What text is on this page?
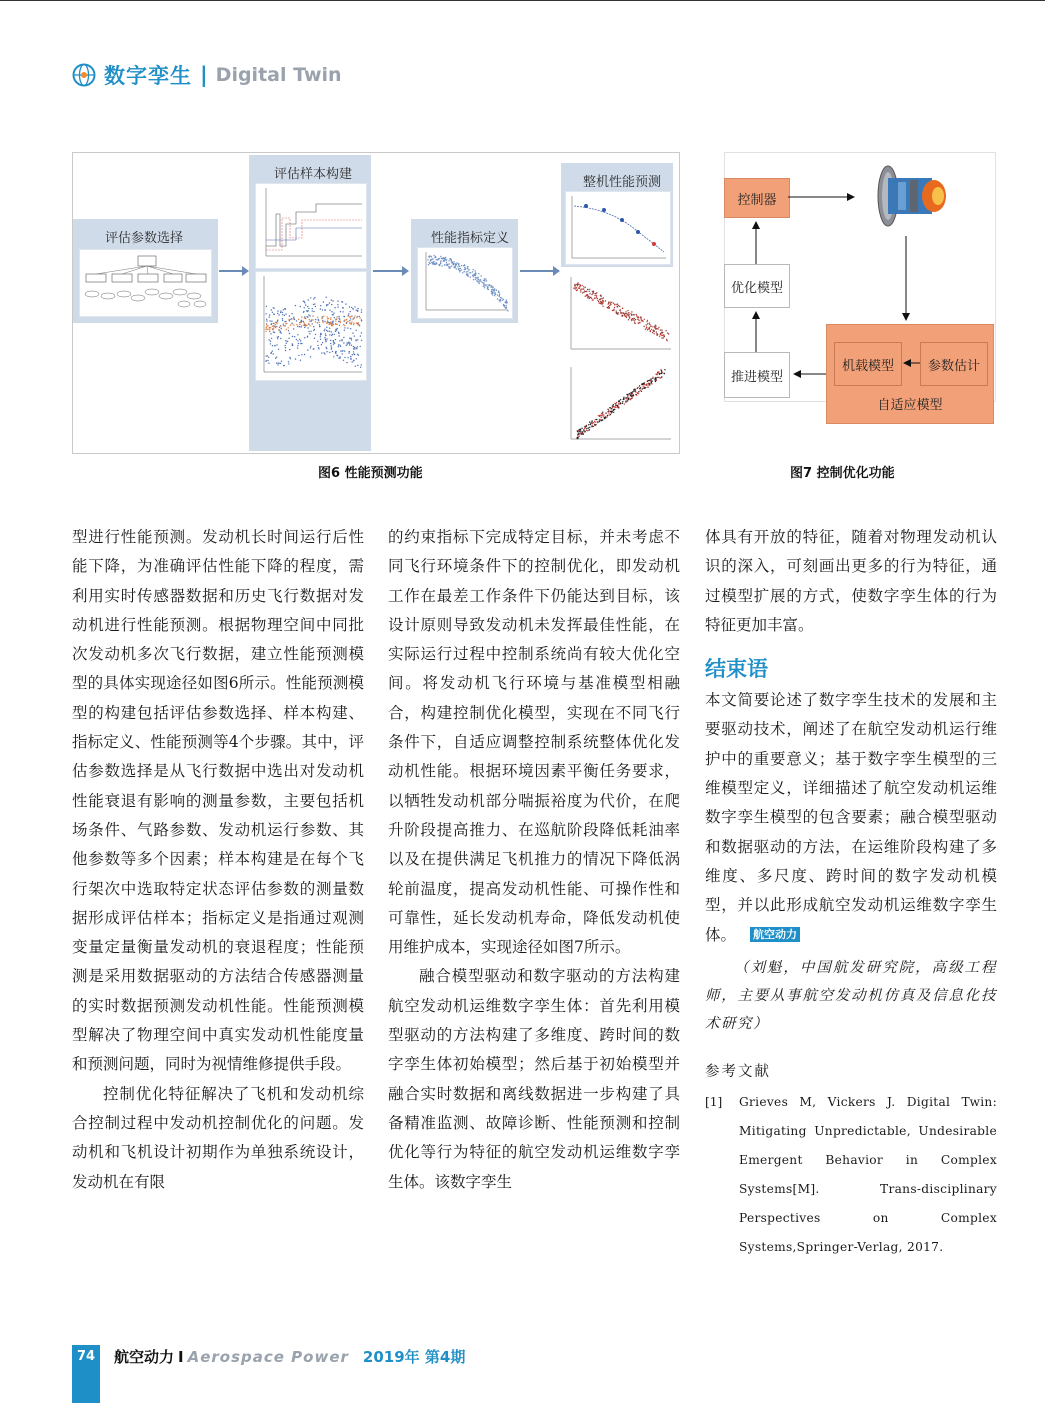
数字孪生 | Digital Twin
评估参数选择
评估样本构建
性能指标定义
整机性能预测
图6 性能预测功能
控制器
优化模型
推进模型
自适应模型
机载模型	参数估计
图7 控制优化功能

型进行性能预测。发动机长时间运行后性能下降，为准确评估性能下降的程度，需利用实时传感器数据和历史飞行数据对发动机进行性能预测。根据物理空间中同批次发动机多次飞行数据，建立性能预测模型的具体实现途径如图6所示。性能预测模型的构建包括评估参数选择、样本构建、指标定义、性能预测等4个步骤。其中，评估参数选择是从飞行数据中选出对发动机性能衰退有影响的测量参数，主要包括机场条件、气路参数、发动机运行参数、其他参数等多个因素；样本构建是在每个飞行架次中选取特定状态评估参数的测量数据形成评估样本；指标定义是指通过观测变量定量衡量发动机的衰退程度；性能预测是采用数据驱动的方法结合传感器测量的实时数据预测发动机性能。性能预测模型解决了物理空间中真实发动机性能度量和预测问题，同时为视情维修提供手段。

控制优化特征解决了飞机和发动机综合控制过程中发动机控制优化的问题。发动机和飞机设计初期作为单独系统设计，发动机在有限

的约束指标下完成特定目标，并未考虑不同飞行环境条件下的控制优化，即发动机工作在最差工作条件下仍能达到目标，该设计原则导致发动机未发挥最佳性能，在实际运行过程中控制系统尚有较大优化空间。将发动机飞行环境与基准模型相融合，构建控制优化模型，实现在不同飞行条件下，自适应调整控制系统整体优化发动机性能。根据环境因素平衡任务要求，以牺牲发动机部分喘振裕度为代价，在爬升阶段提高推力、在巡航阶段降低耗油率以及在提供满足飞机推力的情况下降低涡轮前温度，提高发动机性能、可操作性和可靠性，延长发动机寿命，降低发动机使用维护成本，实现途径如图7所示。

融合模型驱动和数字驱动的方法构建航空发动机运维数字孪生体：首先利用模型驱动的方法构建了多维度、跨时间的数字孪生体初始模型；然后基于初始模型并融合实时数据和离线数据进一步构建了具备精准监测、故障诊断、性能预测和控制优化等行为特征的航空发动机运维数字孪生体。该数字孪生

体具有开放的特征，随着对物理发动机认识的深入，可刻画出更多的行为特征，通过模型扩展的方式，使数字孪生体的行为特征更加丰富。

结束语

本文简要论述了数字孪生技术的发展和主要驱动技术，阐述了在航空发动机运行维护中的重要意义；基于数字孪生模型的三维模型定义，详细描述了航空发动机运维数字孪生模型的包含要素；融合模型驱动和数据驱动的方法，在运维阶段构建了多维度、多尺度、跨时间的数字发动机模型，并以此形成航空发动机运维数字孪生体。 航空动力

（刘魁，中国航发研究院，高级工程师，主要从事航空发动机仿真及信息化技术研究）
参考文献
[1]	Grieves M, Vickers J. Digital Twin: Mitigating Unpredictable, Undesirable Emergent Behavior in Complex Systems[M]. Trans-disciplinary Perspectives on Complex Systems,Springer-Verlag, 2017.
74	航空动力 I Aerospace Power 2019年 第4期
